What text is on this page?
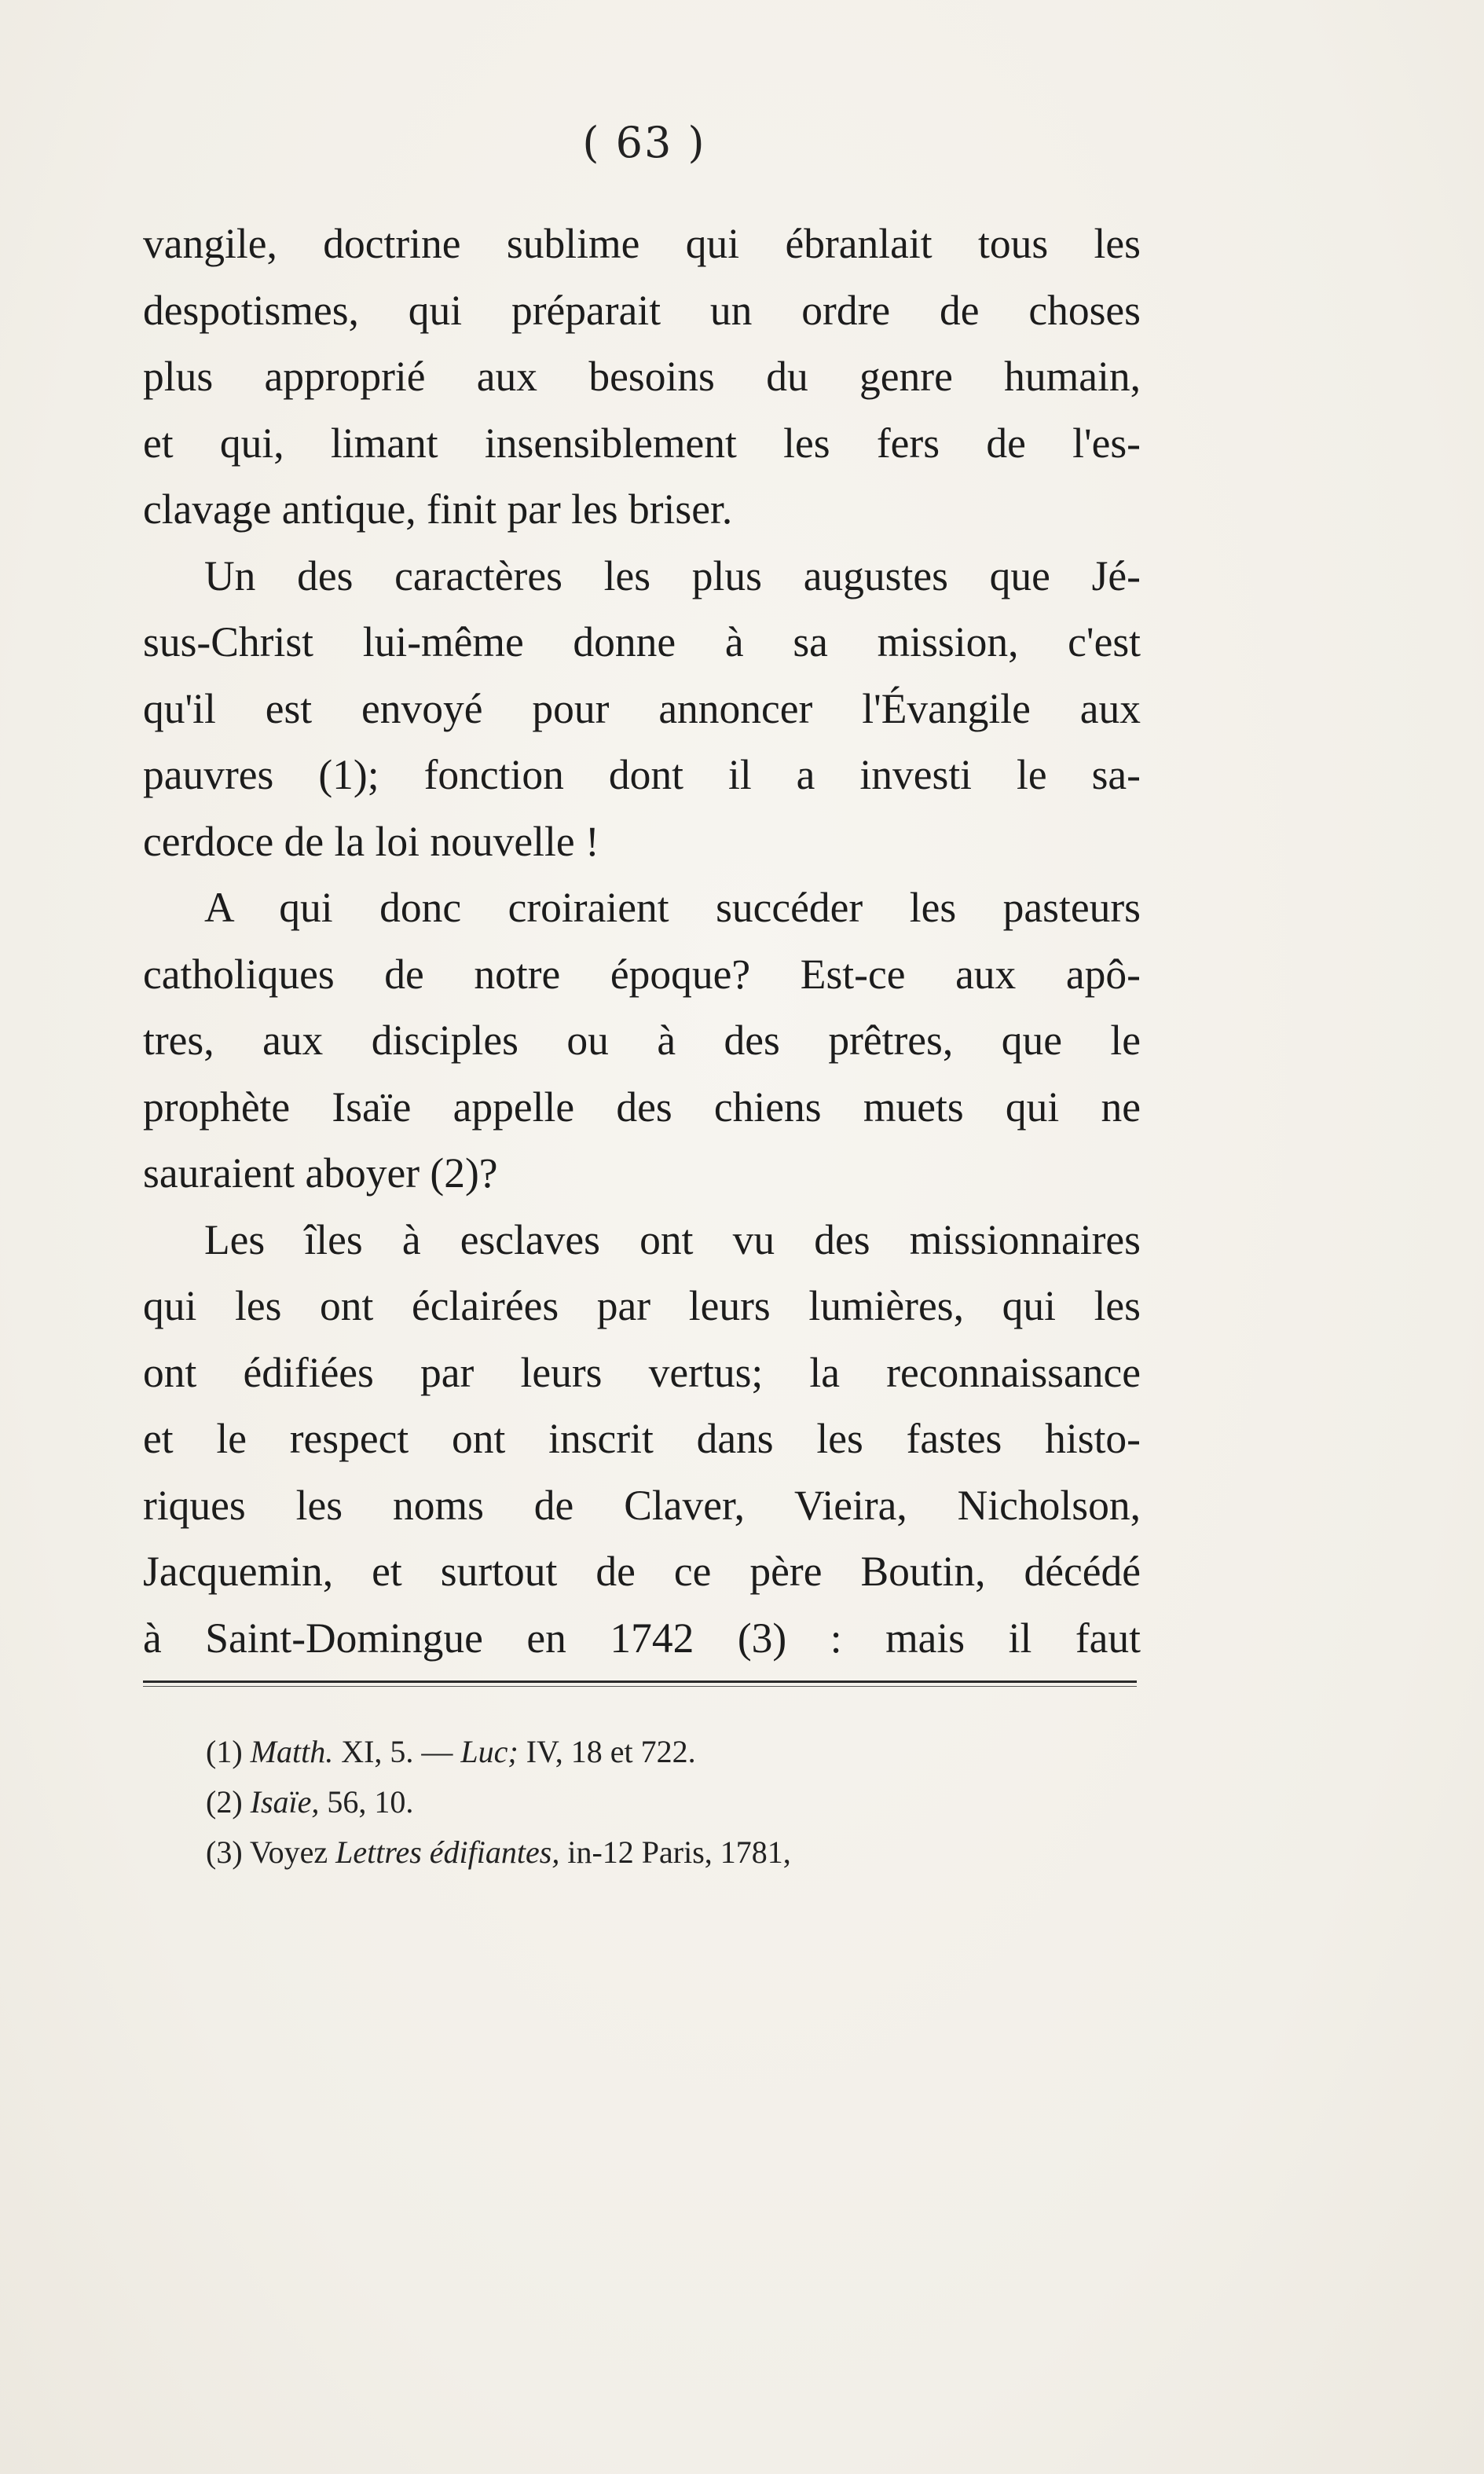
( 63 )
vangile, doctrine sublime qui ébranlait tous les
despotismes, qui préparait un ordre de choses
plus approprié aux besoins du genre humain,
et qui, limant insensiblement les fers de l'es-
clavage antique, finit par les briser.
Un des caractères les plus augustes que Jé-
sus-Christ lui-même donne à sa mission, c'est
qu'il est envoyé pour annoncer l'Évangile aux
pauvres (1); fonction dont il a investi le sa-
cerdoce de la loi nouvelle !
A qui donc croiraient succéder les pasteurs
catholiques de notre époque? Est-ce aux apô-
tres, aux disciples ou à des prêtres, que le
prophète Isaïe appelle des chiens muets qui ne
sauraient aboyer (2)?
Les îles à esclaves ont vu des missionnaires
qui les ont éclairées par leurs lumières, qui les
ont édifiées par leurs vertus; la reconnaissance
et le respect ont inscrit dans les fastes histo-
riques les noms de Claver, Vieira, Nicholson,
Jacquemin, et surtout de ce père Boutin, décédé
à Saint-Domingue en 1742 (3) : mais il faut
(1) Matth. XI, 5. — Luc; IV, 18 et 722.
(2) Isaïe, 56, 10.
(3) Voyez Lettres édifiantes, in-12 Paris, 1781,
